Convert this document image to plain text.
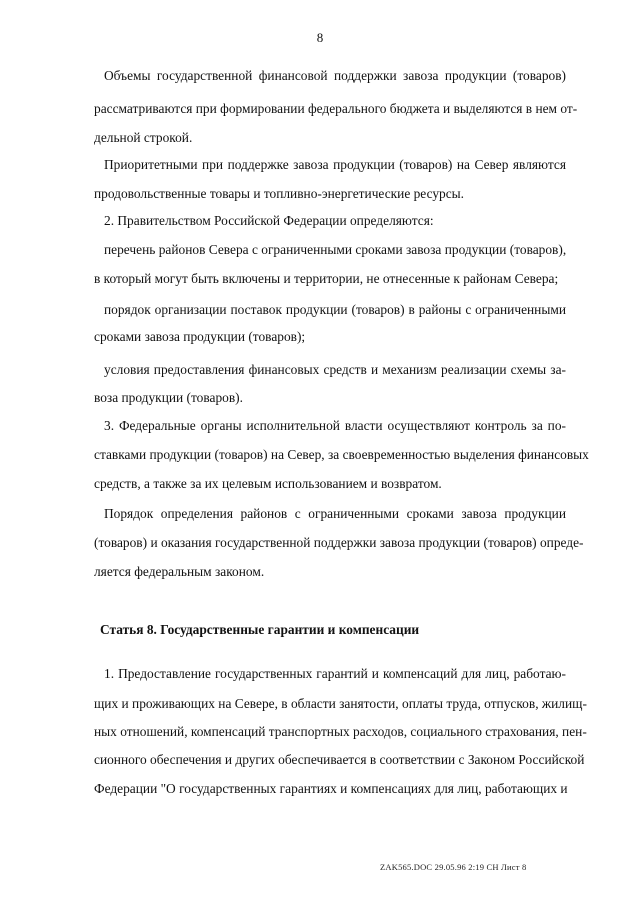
8
Объемы государственной финансовой поддержки завоза продукции (товаров)
рассматриваются при формировании федерального бюджета и выделяются в нем от-
дельной строкой.
Приоритетными при поддержке завоза продукции (товаров) на Север являются
продовольственные товары и топливно-энергетические ресурсы.
2. Правительством Российской Федерации определяются:
перечень районов Севера с ограниченными сроками завоза продукции (товаров),
в который могут быть включены и территории, не отнесенные к районам Севера;
порядок организации поставок продукции (товаров) в районы с ограниченными
сроками завоза продукции (товаров);
условия предоставления финансовых средств и механизм реализации схемы за-
воза продукции (товаров).
3. Федеральные органы исполнительной власти осуществляют контроль за по-
ставками продукции (товаров) на Север, за своевременностью выделения финансовых
средств, а также за их целевым использованием и возвратом.
Порядок определения районов с ограниченными сроками завоза продукции
(товаров) и оказания государственной поддержки завоза продукции (товаров) опреде-
ляется федеральным законом.
Статья 8. Государственные гарантии и компенсации
1. Предоставление государственных гарантий и компенсаций для лиц, работаю-
щих и проживающих на Севере, в области занятости, оплаты труда, отпусков, жилищ-
ных отношений, компенсаций транспортных расходов, социального страхования, пен-
сионного обеспечения и других обеспечивается в соответствии с Законом Российской
Федерации "О государственных гарантиях и компенсациях для лиц, работающих и
ZAK565.DOC 29.05.96 2:19 CH Лист 8
